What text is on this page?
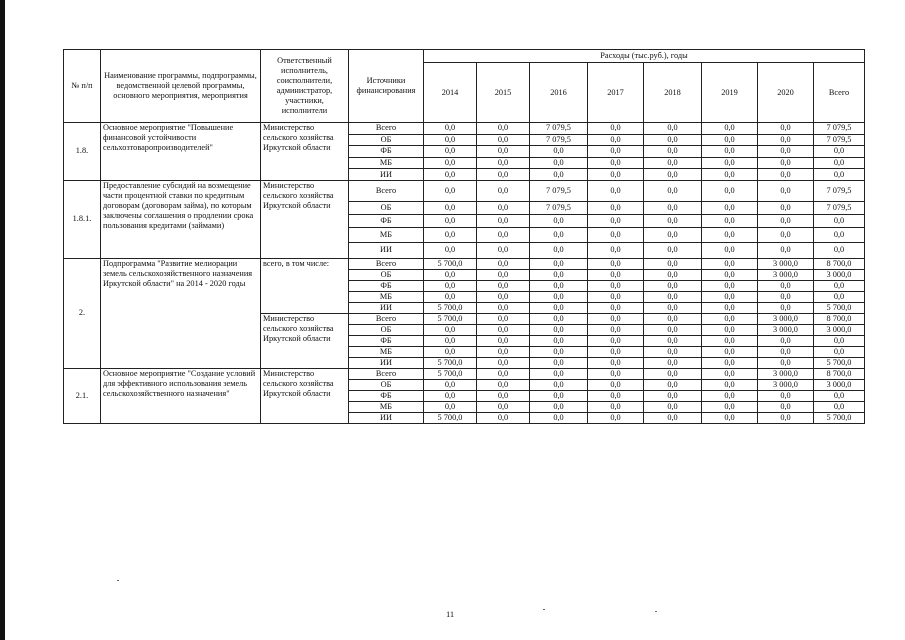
№ п/п	Наименование программы, подпрограммы, ведомственной целевой программы, основного мероприятия, мероприятия	Ответственный исполнитель, соисполнители, администратор, участники, исполнители	Источники финансирования	Расходы (тыс.руб.), годы							
				2014	2015	2016	2017	2018	2019	2020	Всего
1.8.	Основное мероприятие "Повышение финансовой устойчивости сельхозтоваропроизводителей"	Министерство сельского хозяйства Иркутской области	Всего	0,0	0,0	7 079,5	0,0	0,0	0,0	0,0	7 079,5
			ОБ	0,0	0,0	7 079,5	0,0	0,0	0,0	0,0	7 079,5
			ФБ	0,0	0,0	0,0	0,0	0,0	0,0	0,0	0,0
			МБ	0,0	0,0	0,0	0,0	0,0	0,0	0,0	0,0
			ИИ	0,0	0,0	0,0	0,0	0,0	0,0	0,0	0,0
1.8.1.	Предоставление субсидий на возмещение части процентной ставки по кредитным договорам (договорам займа), по которым заключены соглашения о продлении срока пользования кредитами (займами)	Министерство сельского хозяйства Иркутской области	Всего	0,0	0,0	7 079,5	0,0	0,0	0,0	0,0	7 079,5
			ОБ	0,0	0,0	7 079,5	0,0	0,0	0,0	0,0	7 079,5
			ФБ	0,0	0,0	0,0	0,0	0,0	0,0	0,0	0,0
			МБ	0,0	0,0	0,0	0,0	0,0	0,0	0,0	0,0
			ИИ	0,0	0,0	0,0	0,0	0,0	0,0	0,0	0,0
2.	Подпрограмма "Развитие мелиорации земель сельскохозяйственного назначения Иркутской области" на 2014 - 2020 годы	всего, в том числе:	Всего	5 700,0	0,0	0,0	0,0	0,0	0,0	3 000,0	8 700,0
			ОБ	0,0	0,0	0,0	0,0	0,0	0,0	3 000,0	3 000,0
			ФБ	0,0	0,0	0,0	0,0	0,0	0,0	0,0	0,0
			МБ	0,0	0,0	0,0	0,0	0,0	0,0	0,0	0,0
			ИИ	5 700,0	0,0	0,0	0,0	0,0	0,0	0,0	5 700,0
		Министерство сельского хозяйства Иркутской области	Всего	5 700,0	0,0	0,0	0,0	0,0	0,0	3 000,0	8 700,0
			ОБ	0,0	0,0	0,0	0,0	0,0	0,0	3 000,0	3 000,0
			ФБ	0,0	0,0	0,0	0,0	0,0	0,0	0,0	0,0
			МБ	0,0	0,0	0,0	0,0	0,0	0,0	0,0	0,0
			ИИ	5 700,0	0,0	0,0	0,0	0,0	0,0	0,0	5 700,0
2.1.	Основное мероприятие "Создание условий для эффективного использования земель сельскохозяйственного назначения"	Министерство сельского хозяйства Иркутской области	Всего	5 700,0	0,0	0,0	0,0	0,0	0,0	3 000,0	8 700,0
			ОБ	0,0	0,0	0,0	0,0	0,0	0,0	3 000,0	3 000,0
			ФБ	0,0	0,0	0,0	0,0	0,0	0,0	0,0	0,0
			МБ	0,0	0,0	0,0	0,0	0,0	0,0	0,0	0,0
			ИИ	5 700,0	0,0	0,0	0,0	0,0	0,0	0,0	5 700,0
11
